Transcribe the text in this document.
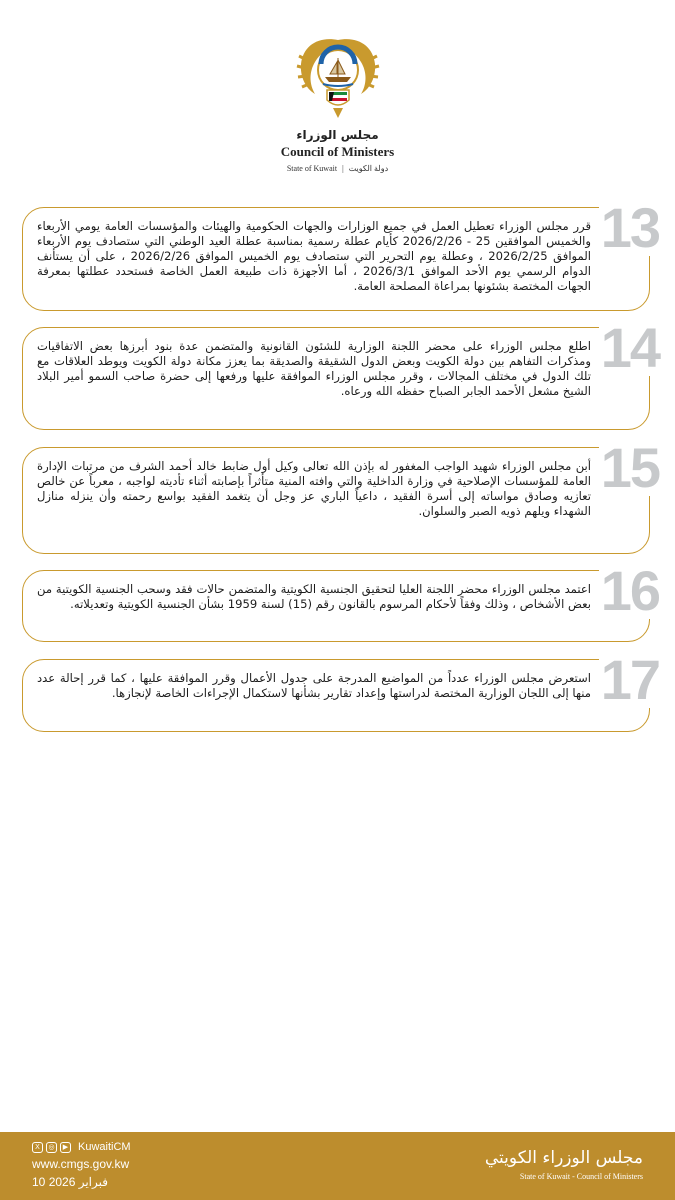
مجلس الوزراء
Council of Ministers
State of Kuwait | دولة الكويت
13
قرر مجلس الوزراء تعطيل العمل في جميع الوزارات والجهات الحكومية والهيئات والمؤسسات العامة يومي الأربعاء والخميس الموافقين 25 - 2026/2/26 كأيام عطلة رسمية بمناسبة عطلة العيد الوطني التي ستصادف يوم الأربعاء الموافق 2026/2/25 ، وعطلة يوم التحرير التي ستصادف يوم الخميس الموافق 2026/2/26 ، على أن يستأنف الدوام الرسمي يوم الأحد الموافق 2026/3/1 ، أما الأجهزة ذات طبيعة العمل الخاصة فستحدد عطلتها بمعرفة الجهات المختصة بشئونها بمراعاة المصلحة العامة.
14
اطلع مجلس الوزراء على محضر اللجنة الوزارية للشئون القانونية والمتضمن عدة بنود أبرزها بعض الاتفاقيات ومذكرات التفاهم بين دولة الكويت وبعض الدول الشقيقة والصديقة بما يعزز مكانة دولة الكويت ويوطد العلاقات مع تلك الدول في مختلف المجالات ، وقرر مجلس الوزراء الموافقة عليها ورفعها إلى حضرة صاحب السمو أمير البلاد الشيخ مشعل الأحمد الجابر الصباح حفظه الله ورعاه.
15
أبن مجلس الوزراء شهيد الواجب المغفور له بإذن الله تعالى وكيل أول ضابط خالد أحمد الشرف من مرتبات الإدارة العامة للمؤسسات الإصلاحية في وزارة الداخلية والتي وافته المنية متأثراً بإصابته أثناء تأديته لواجبه ، معرباً عن خالص تعازيه وصادق مواساته إلى أسرة الفقيد ، داعياً الباري عز وجل أن يتغمد الفقيد بواسع رحمته وأن ينزله منازل الشهداء ويلهم ذويه الصبر والسلوان.
16
اعتمد مجلس الوزراء محضر اللجنة العليا لتحقيق الجنسية الكويتية والمتضمن حالات فقد وسحب الجنسية الكويتية من بعض الأشخاص ، وذلك وفقاً لأحكام المرسوم بالقانون رقم (15) لسنة 1959 بشأن الجنسية الكويتية وتعديلاته.
17
استعرض مجلس الوزراء عدداً من المواضيع المدرجة على جدول الأعمال وقرر الموافقة عليها ، كما قرر إحالة عدد منها إلى اللجان الوزارية المختصة لدراستها وإعداد تقارير بشأنها لاستكمال الإجراءات الخاصة لإنجازها.
X	◎	▶ KuwaitiCM
www.cmgs.gov.kw
10 فبراير 2026
مجلس الوزراء الكويتي
State of Kuwait - Council of Ministers
